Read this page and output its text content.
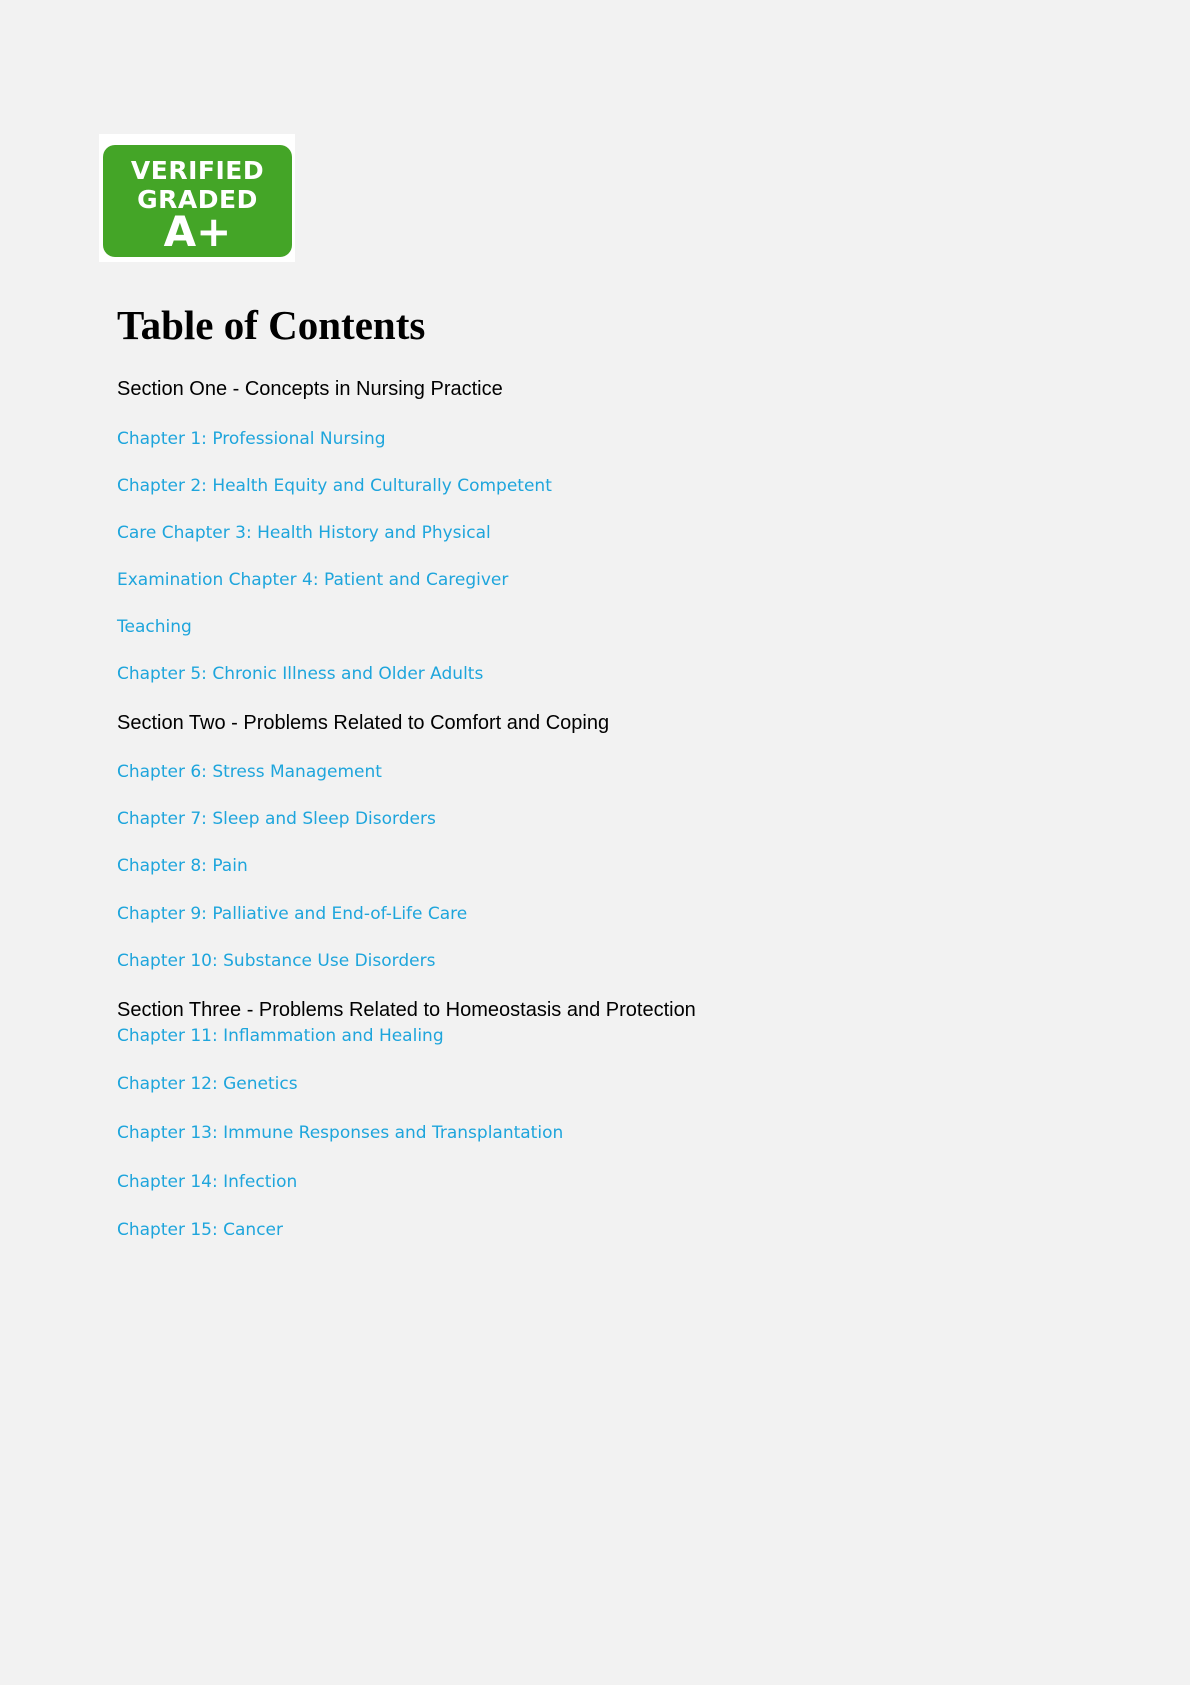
VERIFIED
GRADED
A+
Table of Contents
Section One - Concepts in Nursing Practice
Chapter 1: Professional Nursing
Chapter 2: Health Equity and Culturally Competent
Care Chapter 3: Health History and Physical
Examination Chapter 4: Patient and Caregiver
Teaching
Chapter 5: Chronic Illness and Older Adults
Section Two - Problems Related to Comfort and Coping
Chapter 6: Stress Management
Chapter 7: Sleep and Sleep Disorders
Chapter 8: Pain
Chapter 9: Palliative and End-of-Life Care
Chapter 10: Substance Use Disorders
Section Three - Problems Related to Homeostasis and Protection
Chapter 11: Inflammation and Healing
Chapter 12: Genetics
Chapter 13: Immune Responses and Transplantation
Chapter 14: Infection
Chapter 15: Cancer
